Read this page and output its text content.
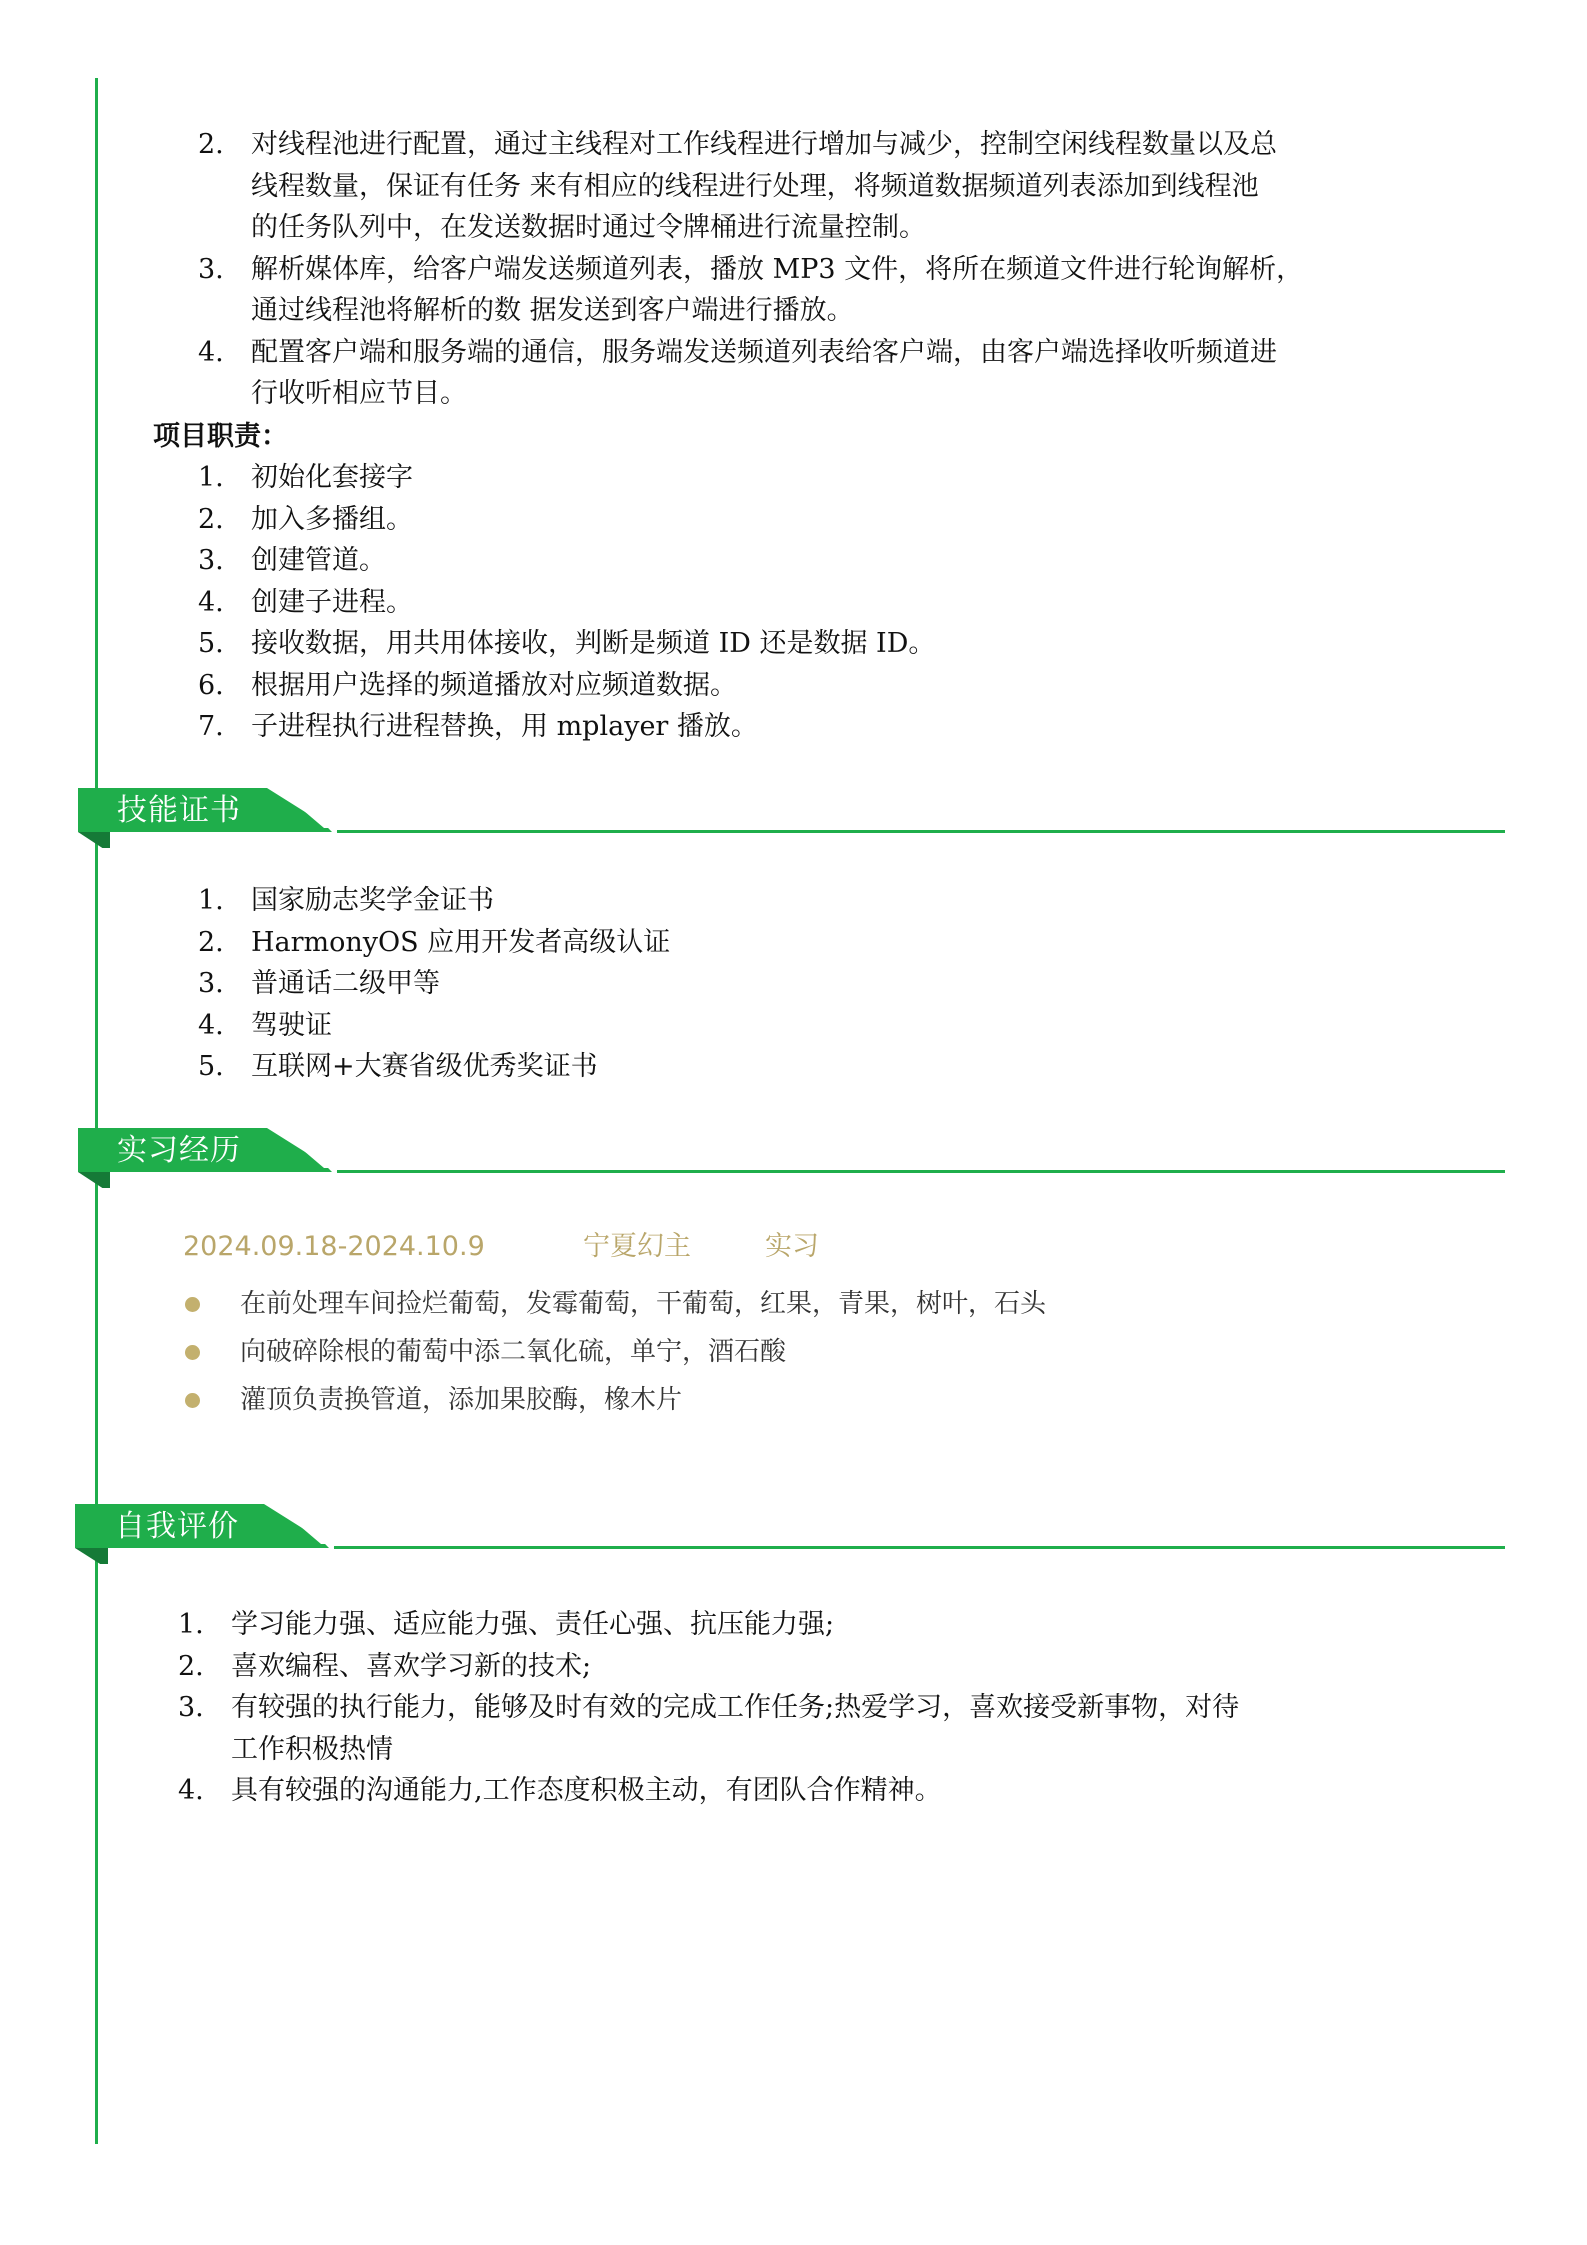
2. 对线程池进行配置，通过主线程对工作线程进行增加与减少，控制空闲线程数量以及总
线程数量，保证有任务 来有相应的线程进行处理，将频道数据频道列表添加到线程池
的任务队列中，在发送数据时通过令牌桶进行流量控制。
3. 解析媒体库，给客户端发送频道列表，播放 MP3 文件，将所在频道文件进行轮询解析，
通过线程池将解析的数 据发送到客户端进行播放。
4. 配置客户端和服务端的通信，服务端发送频道列表给客户端，由客户端选择收听频道进
行收听相应节目。
项目职责：
1. 初始化套接字
2. 加入多播组。
3. 创建管道。
4. 创建子进程。
5. 接收数据，用共用体接收，判断是频道 ID 还是数据 ID。
6. 根据用户选择的频道播放对应频道数据。
7. 子进程执行进程替换，用 mplayer 播放。
技能证书
1. 国家励志奖学金证书
2. HarmonyOS 应用开发者高级认证
3. 普通话二级甲等
4. 驾驶证
5. 互联网+大赛省级优秀奖证书
实习经历
2024.09.18-2024.10.9	宁夏幻主	实习
在前处理车间捡烂葡萄，发霉葡萄，干葡萄，红果，青果，树叶，石头
向破碎除根的葡萄中添二氧化硫，单宁，酒石酸
灌顶负责换管道，添加果胶酶，橡木片
自我评价
1. 学习能力强、适应能力强、责任心强、抗压能力强;
2. 喜欢编程、喜欢学习新的技术;
3. 有较强的执行能力，能够及时有效的完成工作任务;热爱学习，喜欢接受新事物，对待
工作积极热情
4. 具有较强的沟通能力,工作态度积极主动，有团队合作精神。
